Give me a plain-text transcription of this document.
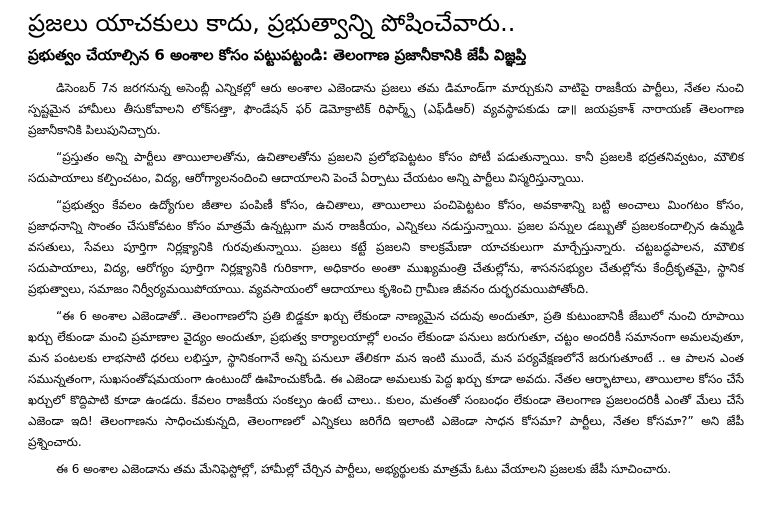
ప్రజలు యాచకులు కాదు, ప్రభుత్వాన్ని పోషించేవారు..
ప్రభుత్వం చేయాల్సిన 6 అంశాల కోసం పట్టుపట్టండి: తెలంగాణ ప్రజానీకానికి జేపీ విజ్ఞప్తి

డిసెంబర్ 7న జరగనున్న అసెంబ్లీ ఎన్నికల్లో ఆరు అంశాల ఎజెండాను ప్రజలు తమ డిమాండ్‌గా మార్చుకుని వాటిపై రాజకీయ పార్టీలు, నేతల నుంచి స్పష్టమైన హామీలు తీసుకోవాలని లోక్‌సత్తా, ఫౌండేషన్ ఫర్ డెమోక్రాటిక్ రిఫార్మ్స్ (ఎఫ్‌డీఆర్) వ్యవస్థాపకుడు డా॥ జయప్రకాశ్ నారాయణ్ తెలంగాణ ప్రజానీకానికి పిలుపునిచ్చారు.

“ప్రస్తుతం అన్ని పార్టీలు తాయిలాలతోను, ఉచితాలతోను ప్రజలని ప్రలోభపెట్టటం కోసం పోటీ పడుతున్నాయి. కానీ ప్రజలకి భద్రతనివ్వటం, మౌలిక సదుపాయాలు కల్పించటం, విద్య, ఆరోగ్యాలనందించి ఆదాయాలని పెంచే ఏర్పాటు చేయటం అన్ని పార్టీలు విస్మరిస్తున్నాయి.

“ప్రభుత్వం కేవలం ఉద్యోగుల జీతాల పంపిణీ కోసం, ఉచితాలు, తాయిలాలు పంచిపెట్టటం కోసం, అవకాశాన్ని బట్టి అంచాలు మింగటం కోసం, ప్రజాధనాన్ని సొంతం చేసుకోవటం కోసం మాత్రమే ఉన్నట్లుగా మన రాజకీయం, ఎన్నికలు నడుస్తున్నాయి. ప్రజల పన్నుల డబ్బుతో ప్రజలకందాల్సిన ఉమ్మడి వసతులు, సేవలు పూర్తిగా నిర్లక్ష్యానికి గురవుతున్నాయి. ప్రజలు కట్టే ప్రజలని కాలక్రమేణా యాచకులుగా మార్చేస్తున్నారు. చట్టబద్ధపాలన, మౌలిక సదుపాయాలు, విద్య, ఆరోగ్యం పూర్తిగా నిర్లక్ష్యానికి గురికాగా, అధికారం అంతా ముఖ్యమంత్రి చేతుల్లోను, శాసనసభ్యుల చేతుల్లోను కేంద్రీకృతమై, స్థానిక ప్రభుత్వాలు, సమాజం నిర్వీర్యమయిపోయాయి. వ్యవసాయంలో ఆదాయాలు కృశించి గ్రామీణ జీవనం దుర్భరమయిపోతోంది.

“ఈ 6 అంశాల ఎజెండాతో.. తెలంగాణలోని ప్రతి బిడ్డకూ ఖర్చు లేకుండా నాణ్యమైన చదువు అందుతూ, ప్రతి కుటుంబానికీ జేబులో నుంచి రూపాయి ఖర్చు లేకుండా మంచి ప్రమాణాల వైద్యం అందుతూ, ప్రభుత్వ కార్యాలయాల్లో లంచం లేకుండా పనులు జరుగుతూ, చట్టం అందరికీ సమానంగా అమలవుతూ, మన పంటలకు లాభసాటి ధరలు లభిస్తూ, స్థానికంగానే అన్ని పనులూ తేలికగా మన ఇంటి ముందే, మన పర్యవేక్షణలోనే జరుగుతూంటే .. ఆ పాలన ఎంత సమున్నతంగా, సుఖసంతోషమయంగా ఉంటుందో ఊహించుకోండి. ఈ ఎజెండా అమలుకు పెద్ద ఖర్చు కూడా అవదు. నేతల ఆర్భాటాలు, తాయిలాల కోసం చేసే ఖర్చులో కొద్దిపాటి కూడా ఉండదు. కేవలం రాజకీయ సంకల్పం ఉంటే చాలు.. కులం, మతంతో సంబంధం లేకుండా తెలంగాణ ప్రజలందరికీ ఎంతో మేలు చేసే ఎజెండా ఇది! తెలంగాణను సాధించుకున్నది, తెలంగాణలో ఎన్నికలు జరిగేది ఇలాంటి ఎజెండా సాధన కోసమా? పార్టీలు, నేతల కోసమా?” అని జేపీ ప్రశ్నించారు.

ఈ 6 అంశాల ఎజెండాను తమ మేనిఫెస్టోల్లో, హామీల్లో చేర్చిన పార్టీలు, అభ్యర్థులకు మాత్రమే ఓటు వేయాలని ప్రజలకు జేపీ సూచించారు.
